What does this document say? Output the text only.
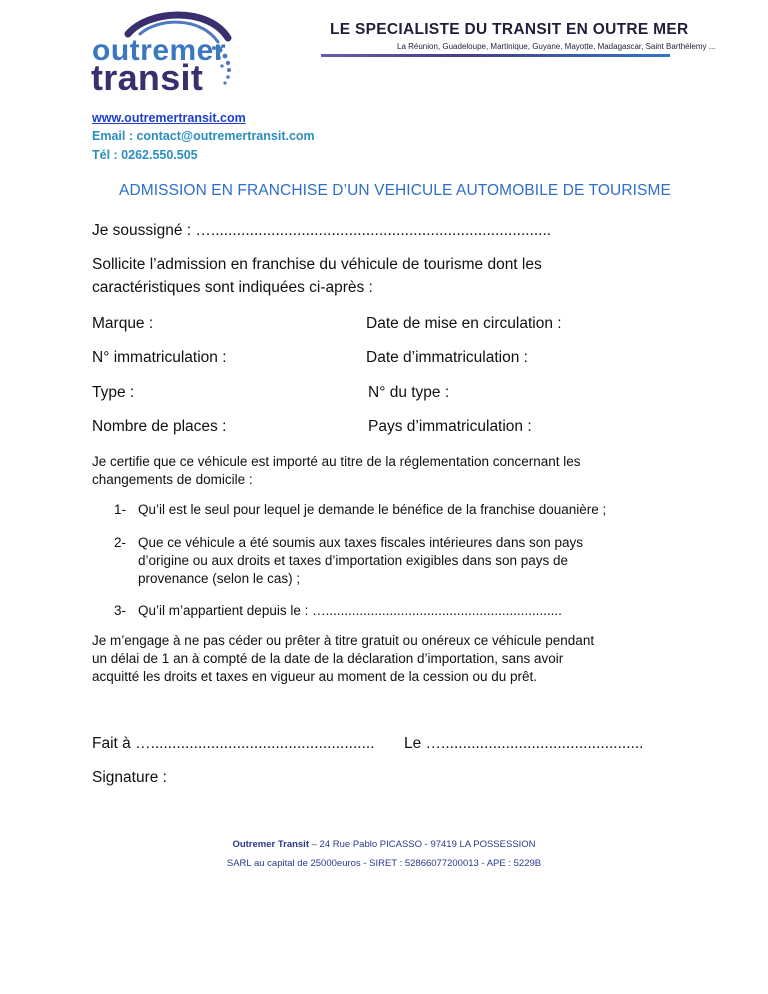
outremer
transit
LE SPECIALISTE DU TRANSIT EN OUTRE MER
La Réunion, Guadeloupe, Martinique, Guyane, Mayotte, Madagascar, Saint Barthélemy ...
www.outremertransit.com
Email : contact@outremertransit.com
Tél : 0262.550.505
ADMISSION EN FRANCHISE D’UN VEHICULE AUTOMOBILE DE TOURISME
Je soussigné : …...............................................................................
Sollicite l’admission en franchise du véhicule de tourisme dont les
caractéristiques sont indiquées ci-après :
Marque :	Date de mise en circulation :
N° immatriculation :	Date d’immatriculation :
Type :	N° du type :
Nombre de places :	Pays d’immatriculation :
Je certifie que ce véhicule est importé au titre de la réglementation concernant les
changements de domicile :
1- Qu’il est le seul pour lequel je demande le bénéfice de la franchise douanière ;
2- Que ce véhicule a été soumis aux taxes fiscales intérieures dans son pays
d’origine ou aux droits et taxes d’importation exigibles dans son pays de
provenance (selon le cas) ;
3- Qu’il m’appartient depuis le : …...............................................................
Je m’engage à ne pas céder ou prêter à titre gratuit ou onéreux ce véhicule pendant
un délai de 1 an à compté de la date de la déclaration d’importation, sans avoir
acquitté les droits et taxes en vigueur au moment de la cession ou du prêt.
Fait à ….................................................... Le …...............................................
Signature :
Outremer Transit – 24 Rue Pablo PICASSO - 97419 LA POSSESSION
SARL au capital de 25000euros - SIRET : 52866077200013 - APE : 5229B
